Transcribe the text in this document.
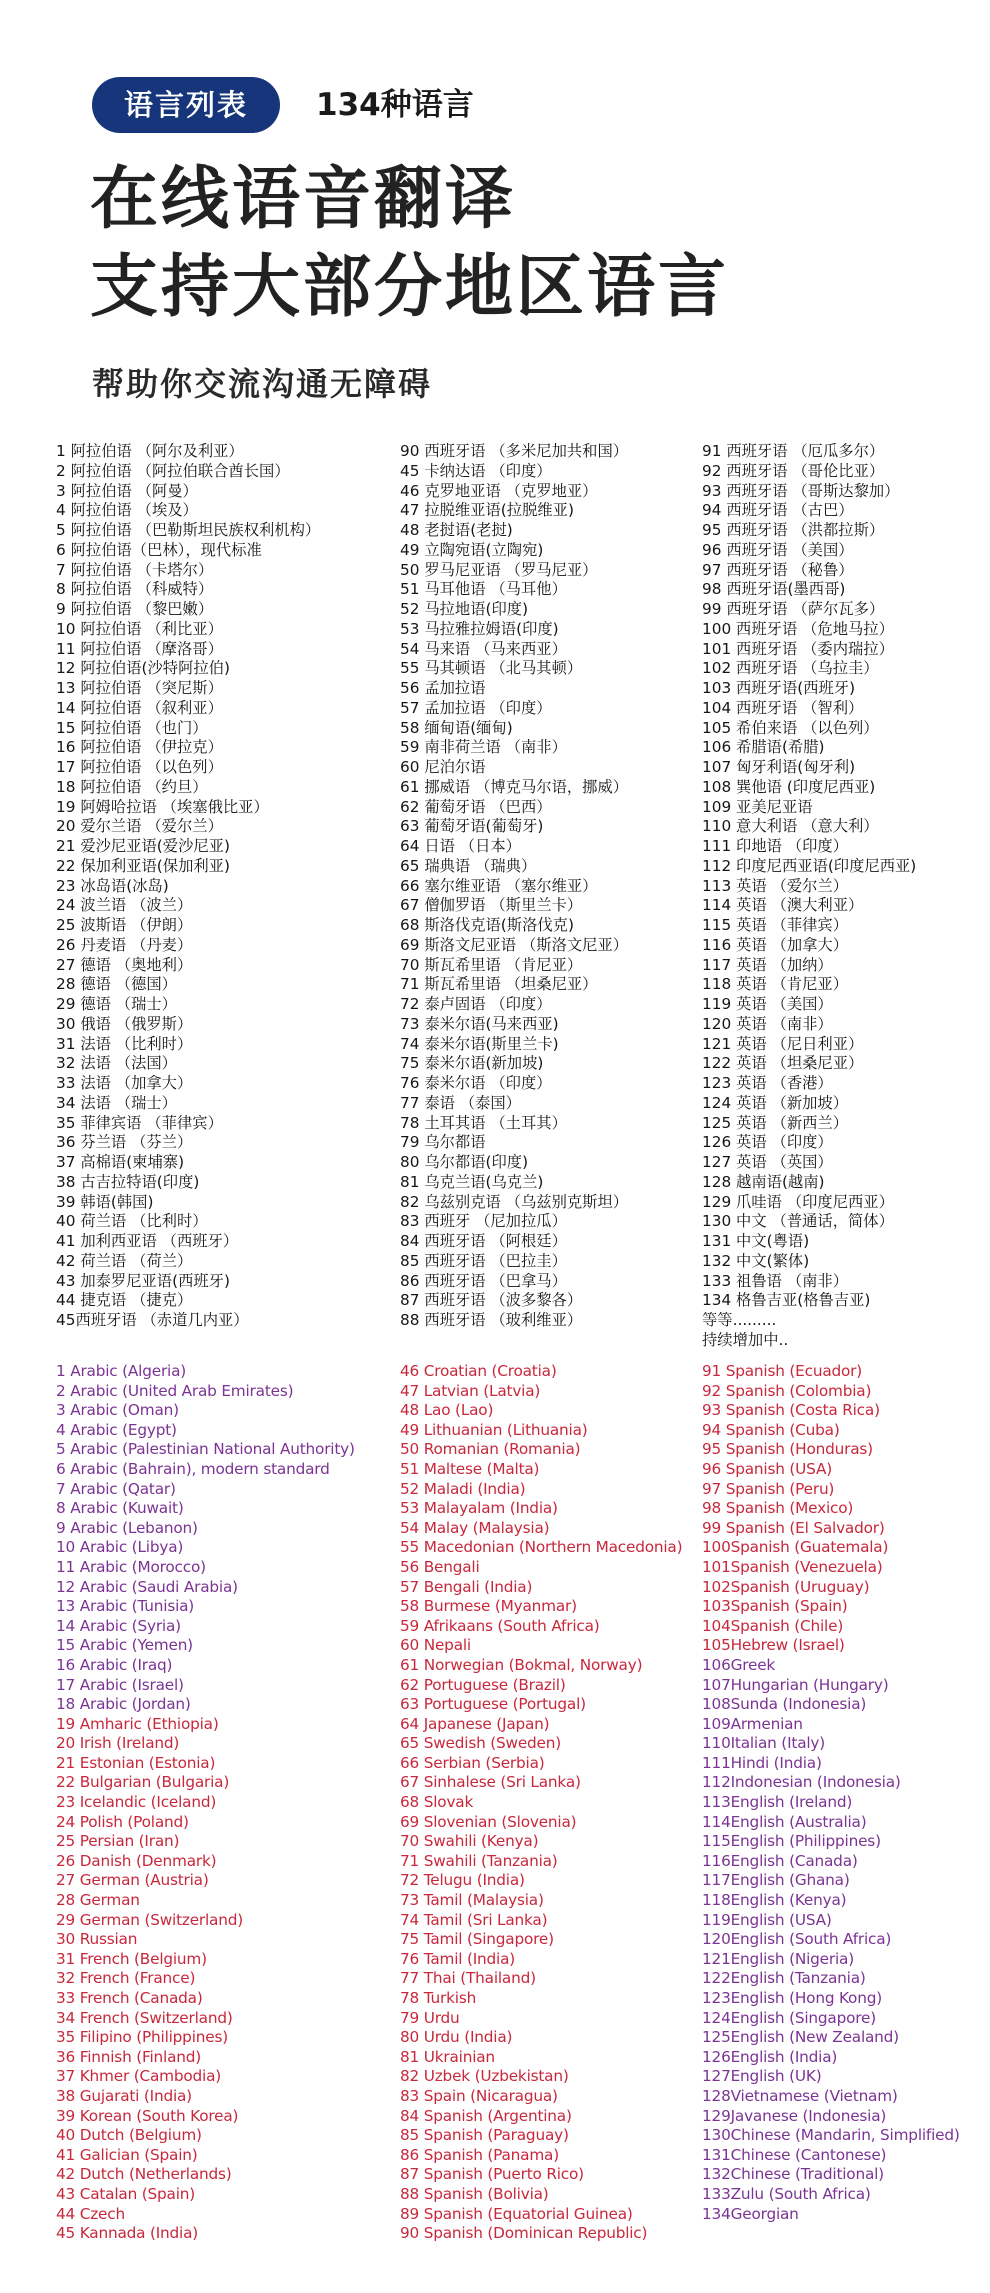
语言列表	134种语言
在线语音翻译
支持大部分地区语言
帮助你交流沟通无障碍
1 阿拉伯语 （阿尔及利亚）
2 阿拉伯语 （阿拉伯联合酋长国）
3 阿拉伯语 （阿曼）
4 阿拉伯语 （埃及）
5 阿拉伯语 （巴勒斯坦民族权利机构）
6 阿拉伯语（巴林），现代标准
7 阿拉伯语 （卡塔尔）
8 阿拉伯语 （科威特）
9 阿拉伯语 （黎巴嫩）
10 阿拉伯语 （利比亚）
11 阿拉伯语 （摩洛哥）
12 阿拉伯语(沙特阿拉伯)
13 阿拉伯语 （突尼斯）
14 阿拉伯语 （叙利亚）
15 阿拉伯语 （也门）
16 阿拉伯语 （伊拉克）
17 阿拉伯语 （以色列）
18 阿拉伯语 （约旦）
19 阿姆哈拉语 （埃塞俄比亚）
20 爱尔兰语 （爱尔兰）
21 爱沙尼亚语(爱沙尼亚)
22 保加利亚语(保加利亚)
23 冰岛语(冰岛)
24 波兰语 （波兰）
25 波斯语 （伊朗）
26 丹麦语 （丹麦）
27 德语 （奥地利）
28 德语 （德国）
29 德语 （瑞士）
30 俄语 （俄罗斯）
31 法语 （比利时）
32 法语 （法国）
33 法语 （加拿大）
34 法语 （瑞士）
35 菲律宾语 （菲律宾）
36 芬兰语 （芬兰）
37 高棉语(柬埔寨)
38 古吉拉特语(印度)
39 韩语(韩国)
40 荷兰语 （比利时）
41 加利西亚语 （西班牙）
42 荷兰语 （荷兰）
43 加泰罗尼亚语(西班牙)
44 捷克语 （捷克）
45西班牙语 （赤道几内亚）
90 西班牙语 （多米尼加共和国）
45 卡纳达语 （印度）
46 克罗地亚语 （克罗地亚）
47 拉脱维亚语(拉脱维亚)
48 老挝语(老挝)
49 立陶宛语(立陶宛)
50 罗马尼亚语 （罗马尼亚）
51 马耳他语 （马耳他）
52 马拉地语(印度)
53 马拉雅拉姆语(印度)
54 马来语 （马来西亚）
55 马其顿语 （北马其顿）
56 孟加拉语
57 孟加拉语 （印度）
58 缅甸语(缅甸)
59 南非荷兰语 （南非）
60 尼泊尔语
61 挪威语 （博克马尔语，挪威）
62 葡萄牙语 （巴西）
63 葡萄牙语(葡萄牙)
64 日语 （日本）
65 瑞典语 （瑞典）
66 塞尔维亚语 （塞尔维亚）
67 僧伽罗语 （斯里兰卡）
68 斯洛伐克语(斯洛伐克)
69 斯洛文尼亚语 （斯洛文尼亚）
70 斯瓦希里语 （肯尼亚）
71 斯瓦希里语 （坦桑尼亚）
72 泰卢固语 （印度）
73 泰米尔语(马来西亚)
74 泰米尔语(斯里兰卡)
75 泰米尔语(新加坡)
76 泰米尔语 （印度）
77 泰语 （泰国）
78 土耳其语 （土耳其）
79 乌尔都语
80 乌尔都语(印度)
81 乌克兰语(乌克兰)
82 乌兹别克语 （乌兹别克斯坦）
83 西班牙 （尼加拉瓜）
84 西班牙语 （阿根廷）
85 西班牙语 （巴拉圭）
86 西班牙语 （巴拿马）
87 西班牙语 （波多黎各）
88 西班牙语 （玻利维亚）
91 西班牙语 （厄瓜多尔）
92 西班牙语 （哥伦比亚）
93 西班牙语 （哥斯达黎加）
94 西班牙语 （古巴）
95 西班牙语 （洪都拉斯）
96 西班牙语 （美国）
97 西班牙语 （秘鲁）
98 西班牙语(墨西哥)
99 西班牙语 （萨尔瓦多）
100 西班牙语 （危地马拉）
101 西班牙语 （委内瑞拉）
102 西班牙语 （乌拉圭）
103 西班牙语(西班牙)
104 西班牙语 （智利）
105 希伯来语 （以色列）
106 希腊语(希腊)
107 匈牙利语(匈牙利)
108 巽他语 (印度尼西亚)
109 亚美尼亚语
110 意大利语 （意大利）
111 印地语 （印度）
112 印度尼西亚语(印度尼西亚)
113 英语 （爱尔兰）
114 英语 （澳大利亚）
115 英语 （菲律宾）
116 英语 （加拿大）
117 英语 （加纳）
118 英语 （肯尼亚）
119 英语 （美国）
120 英语 （南非）
121 英语 （尼日利亚）
122 英语 （坦桑尼亚）
123 英语 （香港）
124 英语 （新加坡）
125 英语 （新西兰）
126 英语 （印度）
127 英语 （英国）
128 越南语(越南)
129 爪哇语 （印度尼西亚）
130 中文 （普通话，简体）
131 中文(粤语)
132 中文(繁体)
133 祖鲁语 （南非）
134 格鲁吉亚(格鲁吉亚)
等等.........
持续增加中..
1 Arabic (Algeria)
2 Arabic (United Arab Emirates)
3 Arabic (Oman)
4 Arabic (Egypt)
5 Arabic (Palestinian National Authority)
6 Arabic (Bahrain), modern standard
7 Arabic (Qatar)
8 Arabic (Kuwait)
9 Arabic (Lebanon)
10 Arabic (Libya)
11 Arabic (Morocco)
12 Arabic (Saudi Arabia)
13 Arabic (Tunisia)
14 Arabic (Syria)
15 Arabic (Yemen)
16 Arabic (Iraq)
17 Arabic (Israel)
18 Arabic (Jordan)
19 Amharic (Ethiopia)
20 Irish (Ireland)
21 Estonian (Estonia)
22 Bulgarian (Bulgaria)
23 Icelandic (Iceland)
24 Polish (Poland)
25 Persian (Iran)
26 Danish (Denmark)
27 German (Austria)
28 German
29 German (Switzerland)
30 Russian
31 French (Belgium)
32 French (France)
33 French (Canada)
34 French (Switzerland)
35 Filipino (Philippines)
36 Finnish (Finland)
37 Khmer (Cambodia)
38 Gujarati (India)
39 Korean (South Korea)
40 Dutch (Belgium)
41 Galician (Spain)
42 Dutch (Netherlands)
43 Catalan (Spain)
44 Czech
45 Kannada (India)
46 Croatian (Croatia)
47 Latvian (Latvia)
48 Lao (Lao)
49 Lithuanian (Lithuania)
50 Romanian (Romania)
51 Maltese (Malta)
52 Maladi (India)
53 Malayalam (India)
54 Malay (Malaysia)
55 Macedonian (Northern Macedonia)
56 Bengali
57 Bengali (India)
58 Burmese (Myanmar)
59 Afrikaans (South Africa)
60 Nepali
61 Norwegian (Bokmal, Norway)
62 Portuguese (Brazil)
63 Portuguese (Portugal)
64 Japanese (Japan)
65 Swedish (Sweden)
66 Serbian (Serbia)
67 Sinhalese (Sri Lanka)
68 Slovak
69 Slovenian (Slovenia)
70 Swahili (Kenya)
71 Swahili (Tanzania)
72 Telugu (India)
73 Tamil (Malaysia)
74 Tamil (Sri Lanka)
75 Tamil (Singapore)
76 Tamil (India)
77 Thai (Thailand)
78 Turkish
79 Urdu
80 Urdu (India)
81 Ukrainian
82 Uzbek (Uzbekistan)
83 Spain (Nicaragua)
84 Spanish (Argentina)
85 Spanish (Paraguay)
86 Spanish (Panama)
87 Spanish (Puerto Rico)
88 Spanish (Bolivia)
89 Spanish (Equatorial Guinea)
90 Spanish (Dominican Republic)
91 Spanish (Ecuador)
92 Spanish (Colombia)
93 Spanish (Costa Rica)
94 Spanish (Cuba)
95 Spanish (Honduras)
96 Spanish (USA)
97 Spanish (Peru)
98 Spanish (Mexico)
99 Spanish (El Salvador)
100Spanish (Guatemala)
101Spanish (Venezuela)
102Spanish (Uruguay)
103Spanish (Spain)
104Spanish (Chile)
105Hebrew (Israel)
106Greek
107Hungarian (Hungary)
108Sunda (Indonesia)
109Armenian
110Italian (Italy)
111Hindi (India)
112Indonesian (Indonesia)
113English (Ireland)
114English (Australia)
115English (Philippines)
116English (Canada)
117English (Ghana)
118English (Kenya)
119English (USA)
120English (South Africa)
121English (Nigeria)
122English (Tanzania)
123English (Hong Kong)
124English (Singapore)
125English (New Zealand)
126English (India)
127English (UK)
128Vietnamese (Vietnam)
129Javanese (Indonesia)
130Chinese (Mandarin, Simplified)
131Chinese (Cantonese)
132Chinese (Traditional)
133Zulu (South Africa)
134Georgian
